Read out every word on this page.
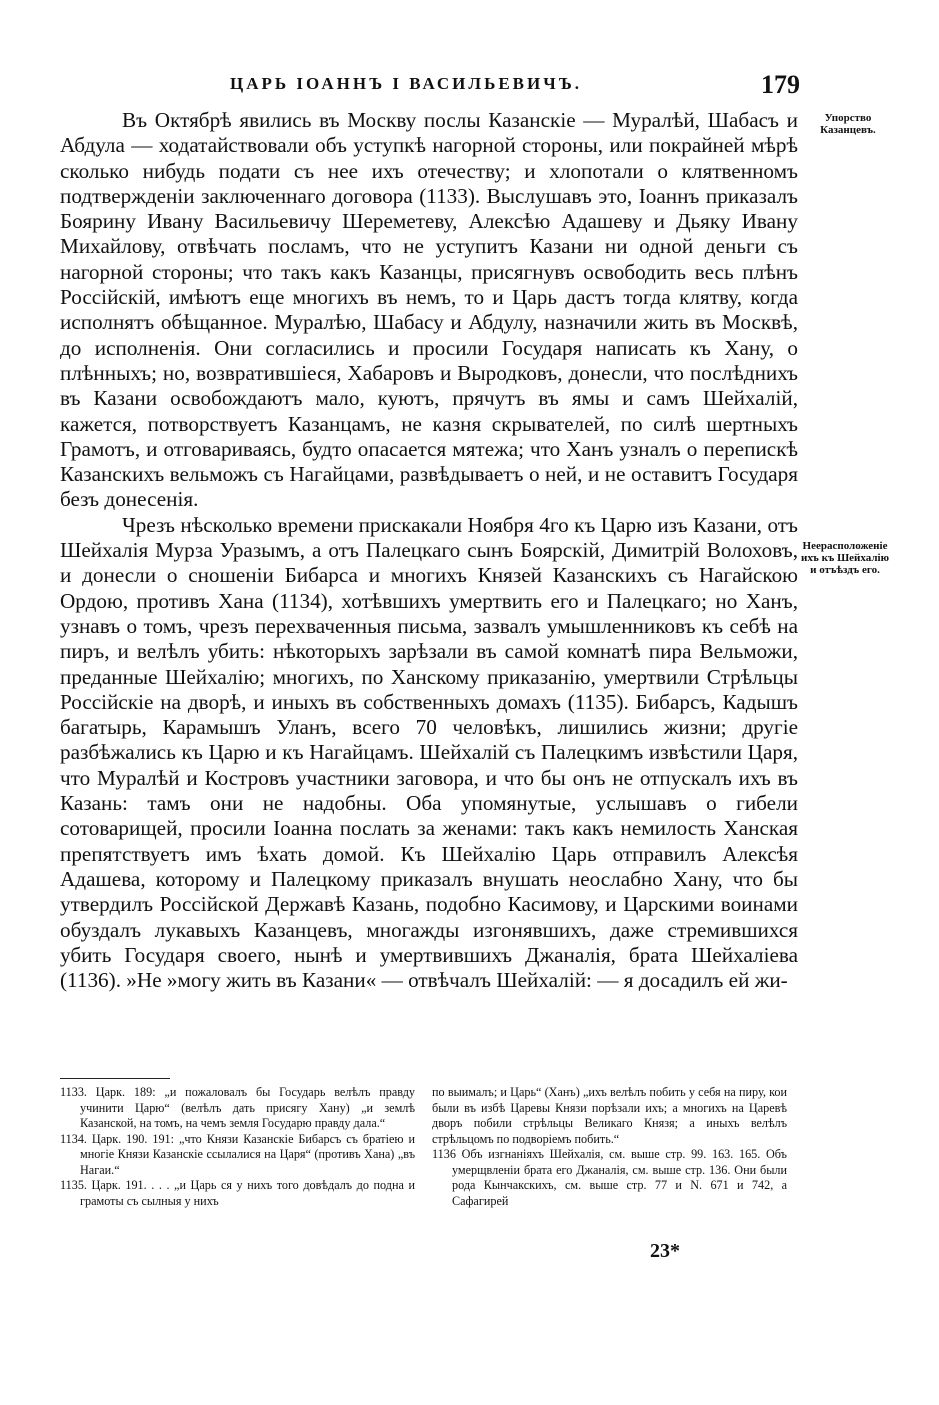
ЦАРЬ ІОАННЪ І ВАСИЛЬЕВИЧЪ.	179
Упорство Казанцевъ.
Неерасположеніе ихъ къ Шейхалію и отъѣздъ его.

Въ Октябрѣ явились въ Москву послы Казанскіе — Муралѣй, Шабасъ и Абдула — ходатайствовали объ уступкѣ нагорной стороны, или покрайней мѣрѣ сколько нибудь подати съ нее ихъ отечеству; и хлопотали о клятвенномъ подтвержденіи заключеннаго договора (1133). Выслушавъ это, Іоаннъ приказалъ Боярину Ивану Васильевичу Шереметеву, Алексѣю Адашеву и Дьяку Ивану Михайлову, отвѣчать посламъ, что не уступитъ Казани ни одной деньги съ нагорной стороны; что такъ какъ Казанцы, присягнувъ освободить весь плѣнъ Россійскій, имѣютъ еще многихъ въ немъ, то и Царь дастъ тогда клятву, когда исполнятъ обѣщанное. Муралѣю, Шабасу и Абдулу, назначили жить въ Москвѣ, до исполненія. Они согласились и просили Государя написать къ Хану, о плѣнныхъ; но, возвратившіеся, Хабаровъ и Выродковъ, донесли, что послѣднихъ въ Казани освобождаютъ мало, куютъ, прячутъ въ ямы и самъ Шейхалій, кажется, потворствуетъ Казанцамъ, не казня скрывателей, по силѣ шертныхъ Грамотъ, и отговариваясь, будто опасается мятежа; что Ханъ узналъ о перепискѣ Казанскихъ вельможъ съ Нагайцами, развѣдываетъ о ней, и не оставитъ Государя безъ донесенія.

Чрезъ нѣсколько времени прискакали Ноября 4го къ Царю изъ Казани, отъ Шейхалія Мурза Уразымъ, а отъ Палецкаго сынъ Боярскій, Димитрій Волоховъ, и донесли о сношеніи Бибарса и многихъ Князей Казанскихъ съ Нагайскою Ордою, противъ Хана (1134), хотѣвшихъ умертвить его и Палецкаго; но Ханъ, узнавъ о томъ, чрезъ перехваченныя письма, зазвалъ умышленниковъ къ себѣ на пиръ, и велѣлъ убить: нѣкоторыхъ зарѣзали въ самой комнатѣ пира Вельможи, преданные Шейхалію; многихъ, по Ханскому приказанію, умертвили Стрѣльцы Россійскіе на дворѣ, и иныхъ въ собственныхъ домахъ (1135). Бибарсъ, Кадышъ багатырь, Карамышъ Уланъ, всего 70 человѣкъ, лишились жизни; другіе разбѣжались къ Царю и къ Нагайцамъ. Шейхалій съ Палецкимъ извѣстили Царя, что Муралѣй и Костровъ участники заговора, и что бы онъ не отпускалъ ихъ въ Казань: тамъ они не надобны. Оба упомянутые, услышавъ о гибели сотоварищей, просили Іоанна послать за женами: такъ какъ немилость Ханская препятствуетъ имъ ѣхать домой. Къ Шейхалію Царь отправилъ Алексѣя Адашева, которому и Палецкому приказалъ внушать неослабно Хану, что бы утвердилъ Россійской Державѣ Казань, подобно Касимову, и Царскими воинами обуздалъ лукавыхъ Казанцевъ, многажды изгонявшихъ, даже стремившихся убить Государя своего, нынѣ и умертвившихъ Джаналія, брата Шейхаліева (1136). »Не »могу жить въ Казани« — отвѣчалъ Шейхалій: — я досадилъ ей жи-

1133. Царк. 189: „и пожаловалъ бы Государь велѣлъ правду учинити Царю“ (велѣлъ дать присягу Хану) „и землѣ Казанской, на томъ, на чемъ земля Государю правду дала.“

1134. Царк. 190. 191: „что Князи Казанскіе Бибарсъ съ братіею и многіе Князи Казанскіе ссылалися на Царя“ (противъ Хана) „въ Нагаи.“

1135. Царк. 191. . . . „и Царь ся у нихъ того довѣдалъ до подна и грамоты съ сылныя у нихъ

по выималъ; и Царь“ (Ханъ) „ихъ велѣлъ побить у себя на пиру, кои были въ избѣ Царевы Князи порѣзали ихъ; а многихъ на Царевѣ дворъ побили стрѣльцы Великаго Князя; а иныхъ велѣлъ стрѣльцомъ по подворіемъ побить.“

1136 Объ изгнаніяхъ Шейхалія, см. выше стр. 99. 163. 165. Объ умерщвленіи брата его Джаналія, см. выше стр. 136. Они были рода Кынчакскихъ, см. выше стр. 77 и N. 671 и 742, а Сафагирей

23*
